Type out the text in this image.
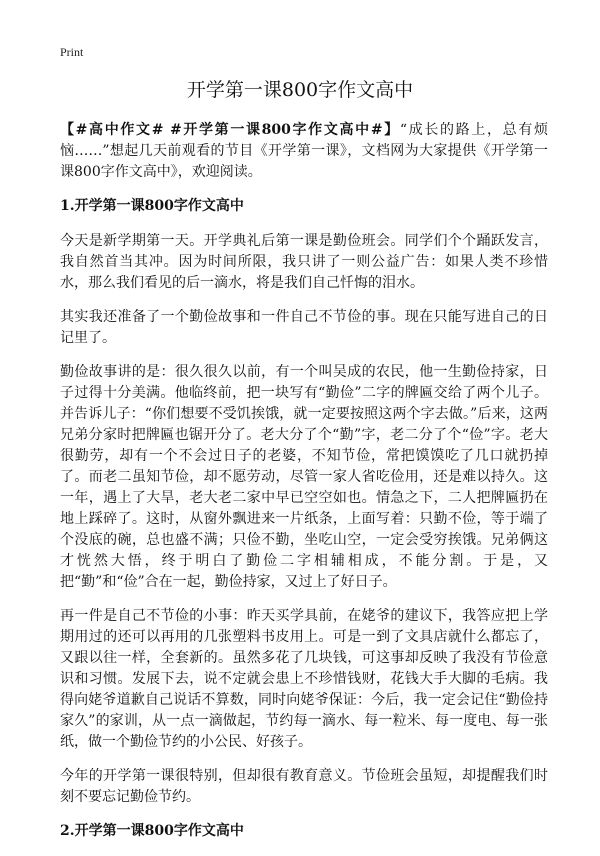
Print
开学第一课800字作文高中

【#高中作文# #开学第一课800字作文高中#】“成长的路上，总有烦恼……”想起几天前观看的节目《开学第一课》，文档网为大家提供《开学第一课800字作文高中》，欢迎阅读。

1.开学第一课800字作文高中

今天是新学期第一天。开学典礼后第一课是勤俭班会。同学们个个踊跃发言，我自然首当其冲。因为时间所限，我只讲了一则公益广告：如果人类不珍惜水，那么我们看见的后一滴水，将是我们自己忏悔的泪水。

其实我还准备了一个勤俭故事和一件自己不节俭的事。现在只能写进自己的日记里了。

勤俭故事讲的是：很久很久以前，有一个叫吴成的农民，他一生勤俭持家，日子过得十分美满。他临终前，把一块写有“勤俭”二字的牌匾交给了两个儿子。并告诉儿子：“你们想要不受饥挨饿，就一定要按照这两个字去做。”后来，这两兄弟分家时把牌匾也锯开分了。老大分了个“勤”字，老二分了个“俭”字。老大很勤劳，却有一个不会过日子的老婆，不知节俭，常把馍馍吃了几口就扔掉了。而老二虽知节俭，却不愿劳动，尽管一家人省吃俭用，还是难以持久。这一年，遇上了大旱，老大老二家中早已空空如也。情急之下，二人把牌匾扔在地上踩碎了。这时，从窗外飘进来一片纸条，上面写着：只勤不俭，等于端了个没底的碗，总也盛不满；只俭不勤，坐吃山空，一定会受穷挨饿。兄弟俩这才恍然大悟，终于明白了勤俭二字相辅相成，不能分割。于是，又把“勤”和“俭”合在一起，勤俭持家，又过上了好日子。

再一件是自己不节俭的小事：昨天买学具前，在姥爷的建议下，我答应把上学期用过的还可以再用的几张塑料书皮用上。可是一到了文具店就什么都忘了，又跟以往一样，全套新的。虽然多花了几块钱，可这事却反映了我没有节俭意识和习惯。发展下去，说不定就会患上不珍惜钱财，花钱大手大脚的毛病。我得向姥爷道歉自己说话不算数，同时向姥爷保证：今后，我一定会记住“勤俭持家久”的家训，从一点一滴做起，节约每一滴水、每一粒米、每一度电、每一张纸，做一个勤俭节约的小公民、好孩子。

今年的开学第一课很特别，但却很有教育意义。节俭班会虽短，却提醒我们时刻不要忘记勤俭节约。

2.开学第一课800字作文高中
